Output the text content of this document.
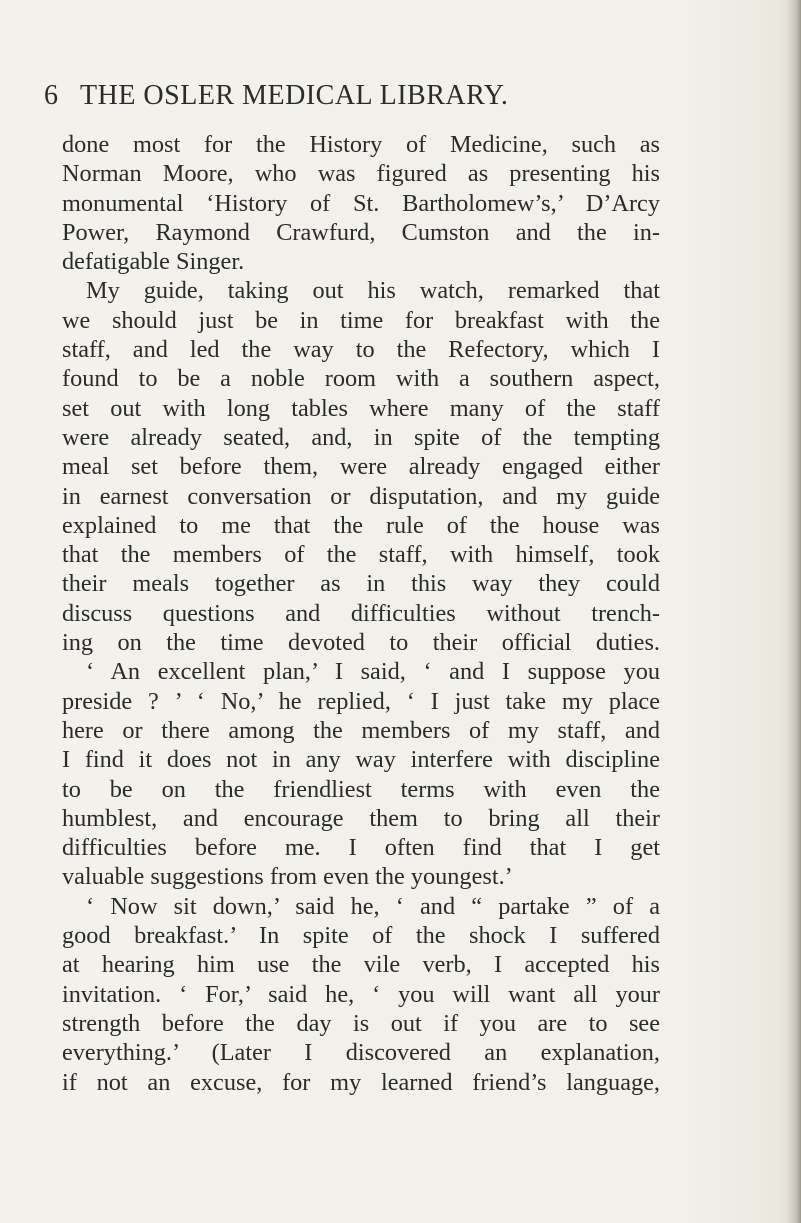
6 THE OSLER MEDICAL LIBRARY.
done most for the History of Medicine, such as
Norman Moore, who was figured as presenting his
monumental ‘History of St. Bartholomew’s,’ D’Arcy
Power, Raymond Crawfurd, Cumston and the in-
defatigable Singer.
My guide, taking out his watch, remarked that
we should just be in time for breakfast with the
staff, and led the way to the Refectory, which I
found to be a noble room with a southern aspect,
set out with long tables where many of the staff
were already seated, and, in spite of the tempting
meal set before them, were already engaged either
in earnest conversation or disputation, and my guide
explained to me that the rule of the house was
that the members of the staff, with himself, took
their meals together as in this way they could
discuss questions and difficulties without trench-
ing on the time devoted to their official duties.
‘ An excellent plan,’ I said, ‘ and I suppose you
preside ? ’ ‘ No,’ he replied, ‘ I just take my place
here or there among the members of my staff, and
I find it does not in any way interfere with discipline
to be on the friendliest terms with even the
humblest, and encourage them to bring all their
difficulties before me. I often find that I get
valuable suggestions from even the youngest.’
‘ Now sit down,’ said he, ‘ and “ partake ” of a
good breakfast.’ In spite of the shock I suffered
at hearing him use the vile verb, I accepted his
invitation. ‘ For,’ said he, ‘ you will want all your
strength before the day is out if you are to see
everything.’ (Later I discovered an explanation,
if not an excuse, for my learned friend’s language,
